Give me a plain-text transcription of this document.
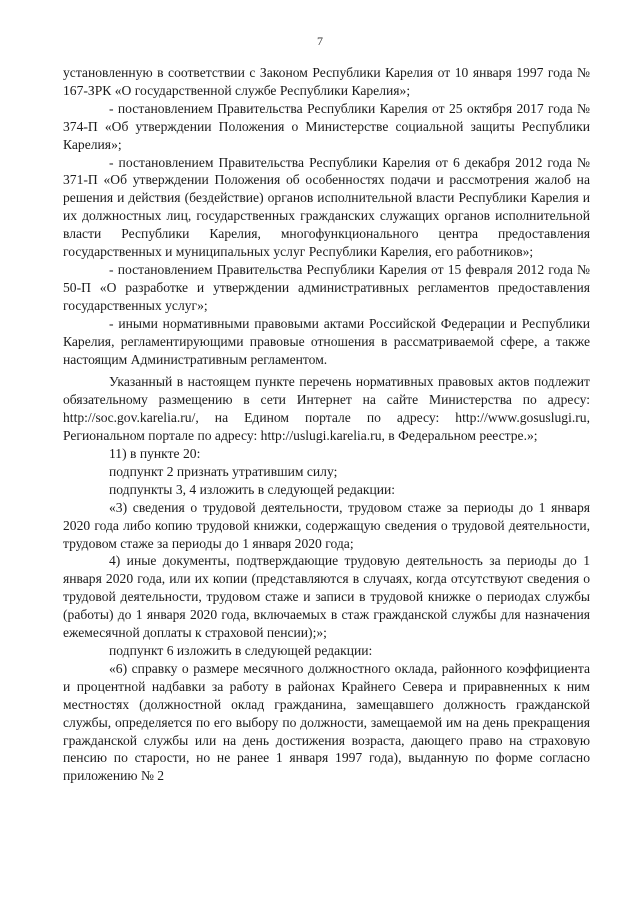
7

установленную в соответствии с Законом Республики Карелия от 10 января 1997 года № 167-ЗРК «О государственной службе Республики Карелия»;

- постановлением Правительства Республики Карелия от 25 октября 2017 года № 374-П «Об утверждении Положения о Министерстве социальной защиты Республики Карелия»;

- постановлением Правительства Республики Карелия от 6 декабря 2012 года № 371-П «Об утверждении Положения об особенностях подачи и рассмотрения жалоб на решения и действия (бездействие) органов исполнительной власти Республики Карелия и их должностных лиц, государственных гражданских служащих органов исполнительной власти Республики Карелия, многофункционального центра предоставления государственных и муниципальных услуг Республики Карелия, его работников»;

- постановлением Правительства Республики Карелия от 15 февраля 2012 года № 50-П «О разработке и утверждении административных регламентов предоставления государственных услуг»;

- иными нормативными правовыми актами Российской Федерации и Республики Карелия, регламентирующими правовые отношения в рассматриваемой сфере, а также настоящим Административным регламентом.

Указанный в настоящем пункте перечень нормативных правовых актов подлежит обязательному размещению в сети Интернет на сайте Министерства по адресу: http://soc.gov.karelia.ru/, на Едином портале по адресу: http://www.gosuslugi.ru, Региональном портале по адресу: http://uslugi.karelia.ru, в Федеральном реестре.»;

11) в пункте 20:

подпункт 2 признать утратившим силу;

подпункты 3, 4 изложить в следующей редакции:

«3) сведения о трудовой деятельности, трудовом стаже за периоды до 1 января 2020 года либо копию трудовой книжки, содержащую сведения о трудовой деятельности, трудовом стаже за периоды до 1 января 2020 года;

4) иные документы, подтверждающие трудовую деятельность за периоды до 1 января 2020 года, или их копии (представляются в случаях, когда отсутствуют сведения о трудовой деятельности, трудовом стаже и записи в трудовой книжке о периодах службы (работы) до 1 января 2020 года, включаемых в стаж гражданской службы для назначения ежемесячной доплаты к страховой пенсии);»;

подпункт 6 изложить в следующей редакции:

«6) справку о размере месячного должностного оклада, районного коэффициента и процентной надбавки за работу в районах Крайнего Севера и приравненных к ним местностях (должностной оклад гражданина, замещавшего должность гражданской службы, определяется по его выбору по должности, замещаемой им на день прекращения гражданской службы или на день достижения возраста, дающего право на страховую пенсию по старости, но не ранее 1 января 1997 года), выданную по форме согласно приложению № 2
